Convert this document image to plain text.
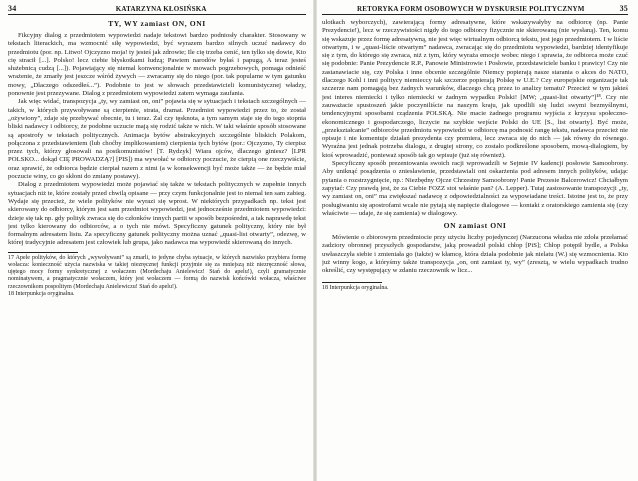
34	KATARZYNA KŁOSIŃSKA
TY, WY zamiast ON, ONI

Fikcyjny dialog z przedmiotem wypowiedzi nadaje tekstowi bardzo podniosły charakter. Stosowany w tekstach literackich, ma wzmocnić siłę wypowiedzi, być wyrazem bardzo silnych uczuć nadawcy do przedmiotu (por. np. Litwo! Ojczyzno moja! ty jesteś jak zdrowie; Ile cię trzeba cenić, ten tylko się dowie, Kto cię stracił [...]. Polsko! lecz ciebie błyskotkami łudzą; Pawiem narodów byłaś i papugą, A teraz jesteś służebnicą cudzą [...]). Pojawiający się niemal konwencjonalnie w mowach pogrzebowych, pomaga odnieść wrażenie, że zmarły jest jeszcze wśród żywych — zwracamy się do niego (por. tak popularne w tym gatunku mowy, „Dlaczego odszedłeś...”). Podobnie to jest w słowach przedstawicieli komunistycznej władzy, ponownie jest przezywane. Dialog z przedmiotem wypowiedzi zatem wymaga zaufania.

Jak więc widać, transpozycja „ty, wy zamiast on, oni” pojawia się w sytuacjach i tekstach szczególnych — takich, w których przywoływane są cierpienie, strata, dramat. Przedmiot wypowiedzi przez to, że został „ożywiony”, zdaje się przebywać obecnie, tu i teraz. Żal czy tęsknota, a tym samym staje się do tego stopnia bliski nadawcy i odbiorcy, że podobne uczucie mają się rodzić także w nich. W taki właśnie sposób stosowane są apostrofy w tekstach politycznych. Animacja bytów abstrakcyjnych szczególnie bliskich Polakom, połączona z przedstawieniem (lub choćby implikowaniem) cierpienia tych bytów (por.: Ojczyzno, Ty cierpisz przez tych, którzy głosowali na postkomunistów! [T. Rydzyk] Wiara ojców, dlaczego giniesz? [LPR POLSKO... dokąd CIĘ PROWADZĄ?] [PIS]) ma wywołać w odbiorcy poczucie, że cierpią one rzeczywiście, oraz sprawić, że odbiorca będzie cierpiał razem z nimi (a w konsekwencji być może także — że będzie miał poczucie winy, co go skłoni do zmiany postawy).

Dialog z przedmiotem wypowiedzi może pojawiać się także w tekstach politycznych w zupełnie innych sytuacjach niż te, które zostały przed chwilą opisane — przy czym funkcjonalnie jest to niemal ten sam zabieg. Wydaje się przecież, że wiele polityków nie wyrazi się wprost. W niektórych przypadkach np. tekst jest skierowany do odbiorcy, którym jest sam przedmiot wypowiedzi, jest jednocześnie przedmiotem wypowiedzi: dzieje się tak np. gdy polityk zwraca się do członków innych partii w sposób bezpośredni, a tak naprawdę tekst jest tylko kierowany do odbiorców, a o tych nie mówi. Specyficzny gatunek polityczny, który nie był formalnym adresatem listu. Za specyficzny gatunek polityczny można uznać „quasi-list otwarty”, odezwę, w której tradycyjnie adresatem jest człowiek lub grupa, jako nadawca ma wypowiedź skierowaną do innych.

17 Apele polityków, do których „wywoływani” są zmarli, to jedyne chyba sytuacje, w których nazwisko przybiera formę wołacza: konieczność użycia nazwiska w takiej niezręcznej funkcji przyjmie się za mniejszą niż niezręczność słowa, ujętego mocy formy synkretycznej z wołaczem (Mordechaju Anielewicz! Stań do apelu!), czyli gramatycznie nominatywem, a pragmatycznie wołaczem, który jest wołaczem — formą do nazwisk końcówki wołacza, właściwe rzeczownikom pospolitym (Mordechaju Anielewiczu! Stań do apelu!).

18 Interpunkcja oryginalna.

RETORYKA FORM OSOBOWYCH W DYSKURSIE POLITYCZNYM	35

ulotkach wyborczych), zawierającą formy adresatywne, które wskazywałyby na odbiorcę (np. Panie Prezydencie!), lecz w rzeczywistości nigdy do tego odbiorcy fizycznie nie skierowaną (nie wysłaną). Ten, komu się wskazuje przez formę adresatywną, nie jest więc wirtualnym odbiorcą tekstu, jest jego przedmiotem. I w liście otwartym, i w „quasi-liście otwartym” nadawca, zwracając się do przedmiotu wypowiedzi, bardziej identyfikuje się z tym, do którego się zwraca, niż z tym, który wyraża emocje wobec niego i sprawia, że odbiorca może czuć się podobnie: Panie Prezydencie R.P., Panowie Ministrowie i Posłowie, przedstawiciele banku i prawicy! Czy nie zastanawiacie się, czy Polska i inne obcenie szczególnie Niemcy popierają nasze starania o akces do NATO, dlaczego Kohl i inni politycy niemieccy tak szczerze popierają Polskę w U.E.? Czy europejskie organizacje tak szczerze nam pomagają bez żadnych warunków, dlaczego chcą przez to analizy tematu? Przecież w tym jakieś jest interes niemiecki i tylko niemiecki w żadnym wypadku Polski! [MW; „quasi-list otwarty”]¹⁸. Czy nie zauważacie spustoszeń jakie poczyniliście na naszym kraju, jak upodlili się ludzi swymi bezmyślnymi, tendencyjnymi sposobami rządzenia POLSKĄ. Nie macie żadnego programu wyjścia z kryzysu społeczno-ekonomicznego i gospodarczego, liczycie na szybkie wejście Polski do UE [S., list otwarty]. Być może, „przekształcanie” odbiorców przedmiotu wypowiedzi w odbiorcę ma podnosić rangę tekstu, nadawca przecież nie opisuje i nie komentuje działań prezydenta czy premiera, lecz zwraca się do nich — jak równy do równego. Wyraźna jest jednak potrzeba dialogu, z drugiej strony, co zostało podkreślone sposobem, mową-dialogiem, by ktoś wprowadzić, ponieważ sposób tak go wpisuje (już się również).

Specyficzny sposób prezentowania swoich racji wprowadzili w Sejmie IV kadencji posłowie Samoobrony. Aby uniknąć posądzenia o zniesławienie, przedstawiali oni oskarżenia pod adresem innych polityków, udając pytania o rozstrzygnięcie, np.: Niezbędny Ojcze Chrzestny Samoobrony! Panie Prezesie Balcerowicz! Chciałbym zapytać: Czy prawdą jest, że za Ciebie FOZZ stoi właśnie pan? (A. Lepper). Tutaj zastosowanie transpozycji „ty, wy zamiast on, oni” ma zwiększać nadawcę z odpowiedzialności za wypowiadane treści. Istotne jest to, że przy posługiwaniu się apostrofami wcale nie pytają się napięcie dialogowe — kontakt z oratorskiego zamienia się (czy właściwie — udaje, że się zamienia) w dialogowy.

ON zamiast ONI

Mówienie o zbiorowym przedmiocie przy użyciu liczby pojedynczej (Narzucona władza nie zdoła przełamać zadziory obronnej przyszłych gospodarstw, jaką prowadził polski chłop [PiS]; Chłop potępił bydle, a Polska uwłaszczyła siebie i zmieniała go (także) w kłamcę, która działa podobnie jak nielatu (W.) się wzmocnienia. Kto już winny kogo, a któryśmy także transpozycja „on, ont zamiast ty, wy” (zresztą, w wielu wypadkach trudno określić, czy występujący w zdaniu rzeczownik w licz...

18 Interpunkcja oryginalna.
